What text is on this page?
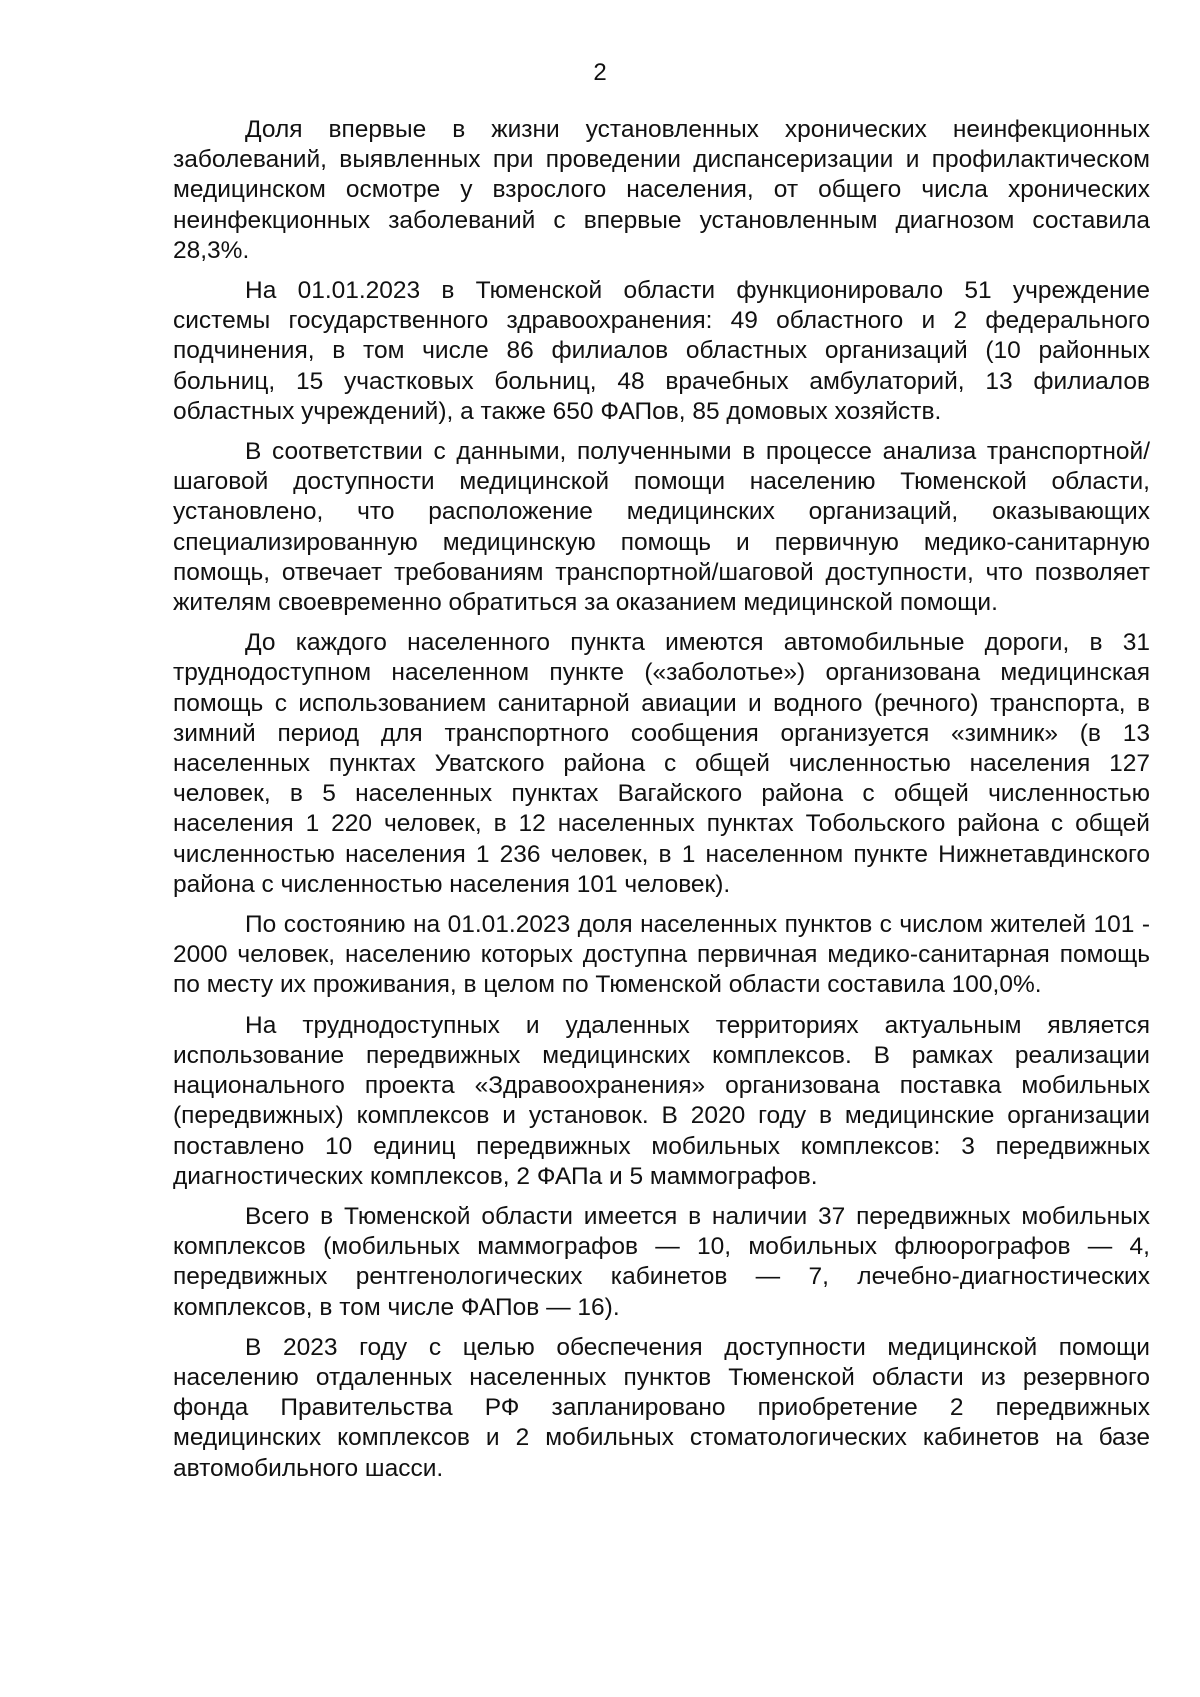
2

Доля впервые в жизни установленных хронических неинфекционных заболеваний, выявленных при проведении диспансеризации и профилактическом медицинском осмотре у взрослого населения, от общего числа хронических неинфекционных заболеваний с впервые установленным диагнозом составила 28,3%.

На 01.01.2023 в Тюменской области функционировало 51 учреждение системы государственного здравоохранения: 49 областного и 2 федерального подчинения, в том числе 86 филиалов областных организаций (10 районных больниц, 15 участковых больниц, 48 врачебных амбулаторий, 13 филиалов областных учреждений), а также 650 ФАПов, 85 домовых хозяйств.

В соответствии с данными, полученными в процессе анализа транспортной/шаговой доступности медицинской помощи населению Тюменской области, установлено, что расположение медицинских организаций, оказывающих специализированную медицинскую помощь и первичную медико-санитарную помощь, отвечает требованиям транспортной/шаговой доступности, что позволяет жителям своевременно обратиться за оказанием медицинской помощи.

До каждого населенного пункта имеются автомобильные дороги, в 31 труднодоступном населенном пункте («заболотье») организована медицинская помощь с использованием санитарной авиации и водного (речного) транспорта, в зимний период для транспортного сообщения организуется «зимник» (в 13 населенных пунктах Уватского района с общей численностью населения 127 человек, в 5 населенных пунктах Вагайского района с общей численностью населения 1 220 человек, в 12 населенных пунктах Тобольского района с общей численностью населения 1 236 человек, в 1 населенном пункте Нижнетавдинского района с численностью населения 101 человек).

По состоянию на 01.01.2023 доля населенных пунктов с числом жителей 101 - 2000 человек, населению которых доступна первичная медико-санитарная помощь по месту их проживания, в целом по Тюменской области составила 100,0%.

На труднодоступных и удаленных территориях актуальным является использование передвижных медицинских комплексов. В рамках реализации национального проекта «Здравоохранения» организована поставка мобильных (передвижных) комплексов и установок. В 2020 году в медицинские организации поставлено 10 единиц передвижных мобильных комплексов: 3 передвижных диагностических комплексов, 2 ФАПа и 5 маммографов.

Всего в Тюменской области имеется в наличии 37 передвижных мобильных комплексов (мобильных маммографов — 10, мобильных флюорографов — 4, передвижных рентгенологических кабинетов — 7, лечебно-диагностических комплексов, в том числе ФАПов — 16).

В 2023 году с целью обеспечения доступности медицинской помощи населению отдаленных населенных пунктов Тюменской области из резервного фонда Правительства РФ запланировано приобретение 2 передвижных медицинских комплексов и 2 мобильных стоматологических кабинетов на базе автомобильного шасси.
